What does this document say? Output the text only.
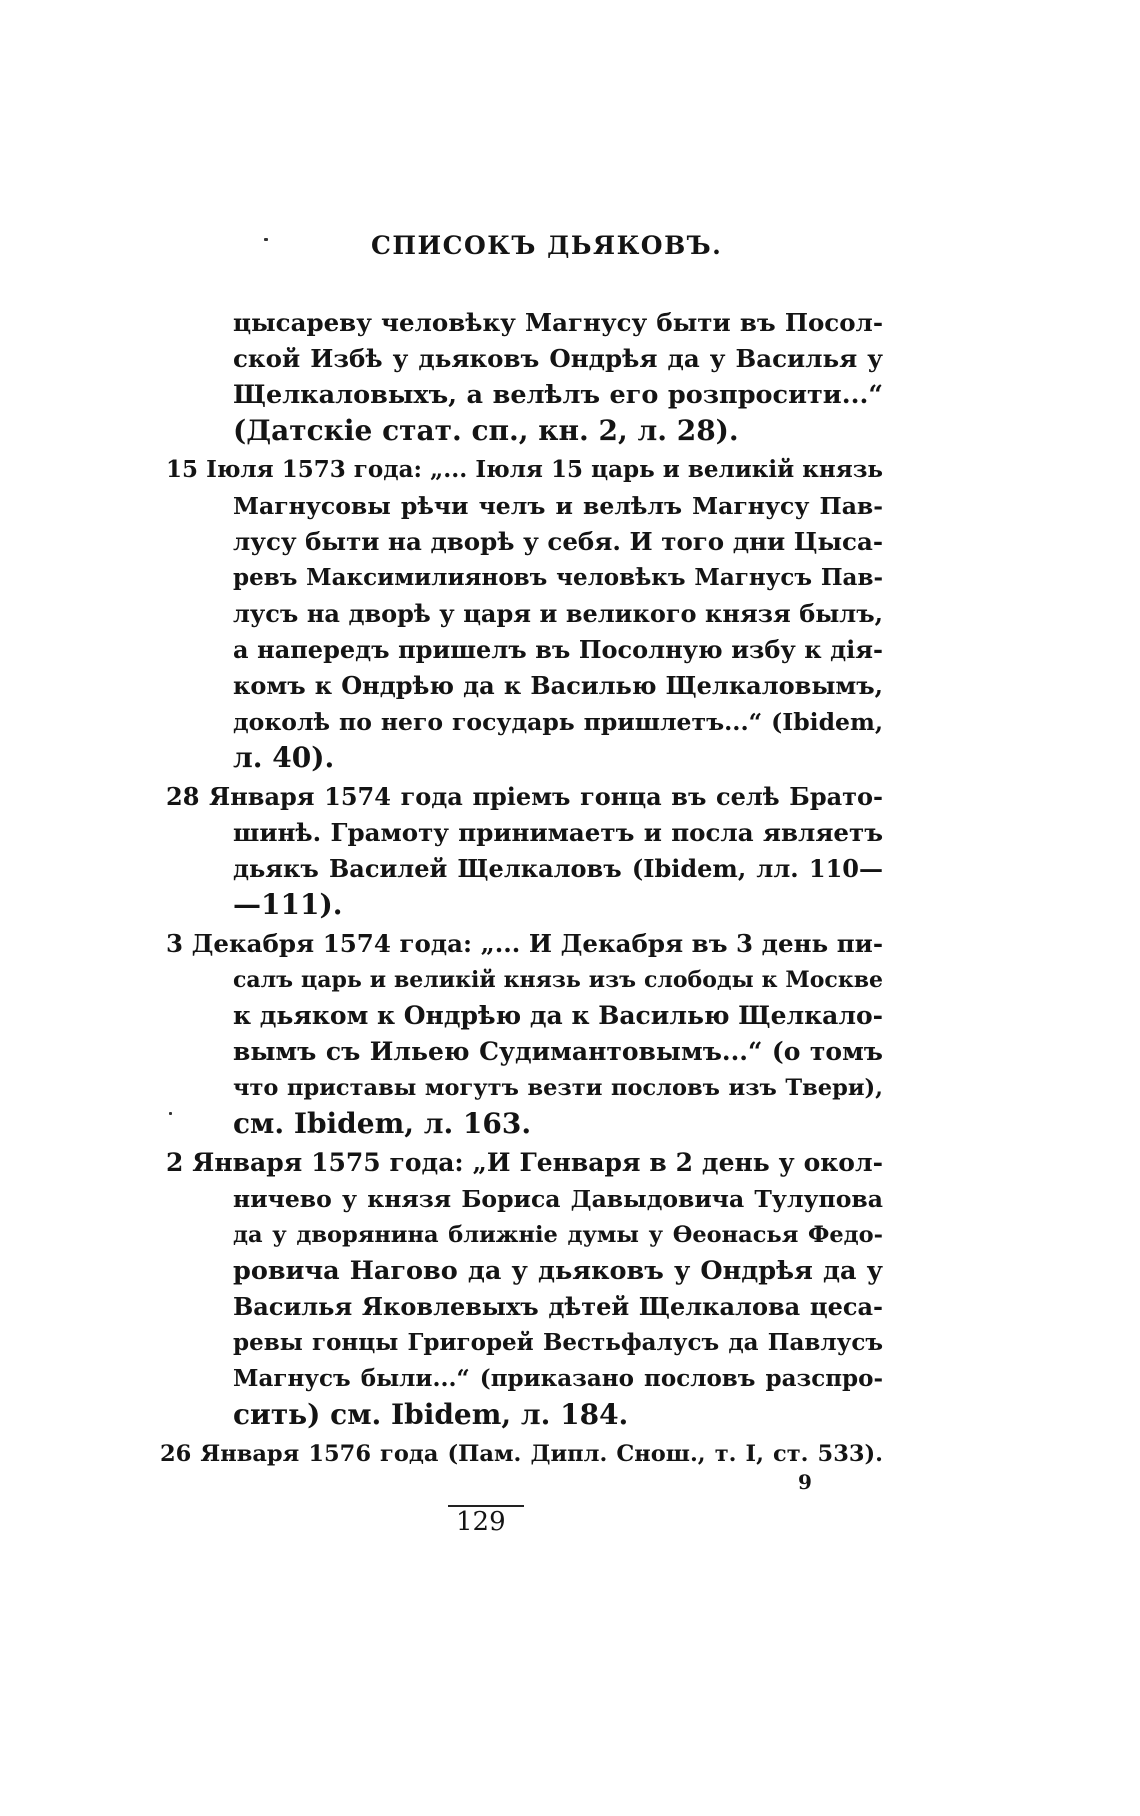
СПИСОКЪ ДЬЯКОВЪ.
цысареву человѣку Магнусу быти въ Посол-
ской Избѣ у дьяковъ Ондрѣя да у Василья у
Щелкаловыхъ, а велѣлъ его розпросити...“
(Датскіе стат. сп., кн. 2, л. 28).
15 Іюля 1573 года: „... Іюля 15 царь и великій князь
Магнусовы рѣчи челъ и велѣлъ Магнусу Пав-
лусу быти на дворѣ у себя. И того дни Цыса-
ревъ Максимилияновъ человѣкъ Магнусъ Пав-
лусъ на дворѣ у царя и великого князя былъ,
а напередъ пришелъ въ Посолную избу к дія-
комъ к Ондрѣю да к Василью Щелкаловымъ,
доколѣ по него государь пришлетъ...“ (Ibidem,
л. 40).
28 Января 1574 года пріемъ гонца въ селѣ Брато-
шинѣ. Грамоту принимаетъ и посла являетъ
дьякъ Василей Щелкаловъ (Ibidem, лл. 110—
—111).
3 Декабря 1574 года: „... И Декабря въ 3 день пи-
салъ царь и великій князь изъ слободы к Москве
к дьяком к Ондрѣю да к Василью Щелкало-
вымъ съ Ильею Судимантовымъ...“ (о томъ
что приставы могутъ везти пословъ изъ Твери),
см. Ibidem, л. 163.
2 Января 1575 года: „И Генваря в 2 день у окол-
ничево у князя Бориса Давыдовича Тулупова
да у дворянина ближніе думы у Ѳеонасья Федо-
ровича Нагово да у дьяковъ у Ондрѣя да у
Василья Яковлевыхъ дѣтей Щелкалова цеса-
ревы гонцы Григорей Вестьфалусъ да Павлусъ
Магнусъ были...“ (приказано пословъ разспро-
сить) см. Ibidem, л. 184.
26 Января 1576 года (Пам. Дипл. Снош., т. I, ст. 533).
9
129
